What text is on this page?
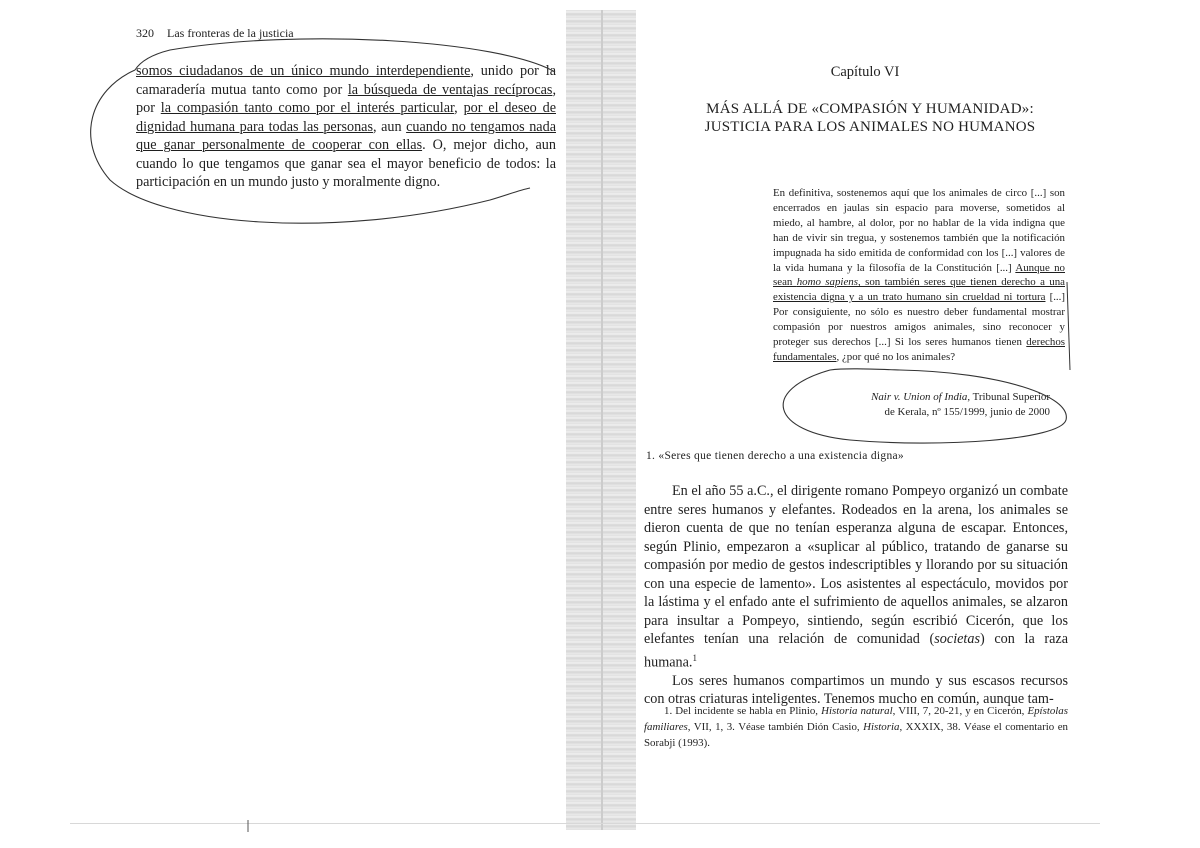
320 Las fronteras de la justicia

somos ciudadanos de un único mundo interdependiente, unido por la camaradería mutua tanto como por la búsqueda de ventajas recíprocas, por la compasión tanto como por el interés particular, por el deseo de dignidad humana para todas las personas, aun cuando no tengamos nada que ganar personalmente de cooperar con ellas. O, mejor dicho, aun cuando lo que tengamos que ganar sea el mayor beneficio de todos: la participación en un mundo justo y moralmente digno.

Capítulo VI
MÁS ALLÁ DE «COMPASIÓN Y HUMANIDAD»:
JUSTICIA PARA LOS ANIMALES NO HUMANOS

En definitiva, sostenemos aquí que los animales de circo [...] son encerrados en jaulas sin espacio para moverse, sometidos al miedo, al hambre, al dolor, por no hablar de la vida indigna que han de vivir sin tregua, y sostenemos también que la notificación impugnada ha sido emitida de conformidad con los [...] valores de la vida humana y la filosofía de la Constitución [...] Aunque no sean homo sapiens, son también seres que tienen derecho a una existencia digna y a un trato humano sin crueldad ni tortura [...] Por consiguiente, no sólo es nuestro deber fundamental mostrar compasión por nuestros amigos animales, sino reconocer y proteger sus derechos [...] Si los seres humanos tienen derechos fundamentales, ¿por qué no los animales?

Nair v. Union of India, Tribunal Superior
de Kerala, nº 155/1999, junio de 2000
1. «Seres que tienen derecho a una existencia digna»

En el año 55 a.C., el dirigente romano Pompeyo organizó un combate entre seres humanos y elefantes. Rodeados en la arena, los animales se dieron cuenta de que no tenían esperanza alguna de escapar. Entonces, según Plinio, empezaron a «suplicar al público, tratando de ganarse su compasión por medio de gestos indescriptibles y llorando por su situación con una especie de lamento». Los asistentes al espectáculo, movidos por la lástima y el enfado ante el sufrimiento de aquellos animales, se alzaron para insultar a Pompeyo, sintiendo, según escribió Cicerón, que los elefantes tenían una relación de comunidad (societas) con la raza humana.$^1$

Los seres humanos compartimos un mundo y sus escasos recursos con otras criaturas inteligentes. Tenemos mucho en común, aunque tam-

1. Del incidente se habla en Plinio, Historia natural, VIII, 7, 20-21, y en Cicerón, Epístolas familiares, VII, 1, 3. Véase también Dión Casio, Historia, XXXIX, 38. Véase el comentario en Sorabji (1993).
